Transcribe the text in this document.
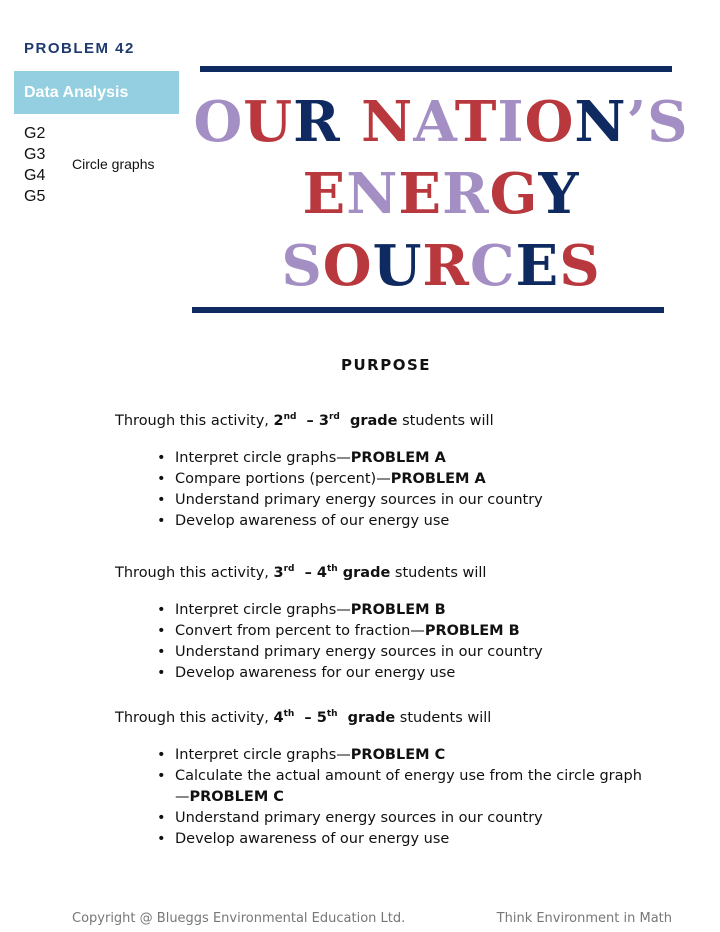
PROBLEM 42
Data Analysis
G2
G3
G4
G5
Circle graphs
OUR NATION’S
ENERGY
SOURCES
PURPOSE

Through this activity, 2nd  – 3rd  grade students will

• Interpret circle graphs—PROBLEM A
• Compare portions (percent)—PROBLEM A
• Understand primary energy sources in our country
• Develop awareness of our energy use

Through this activity, 3rd  – 4th grade students will

• Interpret circle graphs—PROBLEM B
• Convert from percent to fraction—PROBLEM B
• Understand primary energy sources in our country
• Develop awareness for our energy use

Through this activity, 4th  – 5th  grade students will

• Interpret circle graphs—PROBLEM C
• Calculate the actual amount of energy use from the circle graph—PROBLEM C
• Understand primary energy sources in our country
• Develop awareness of our energy use
Copyright @ Blueggs Environmental Education Ltd.	Think Environment in Math
